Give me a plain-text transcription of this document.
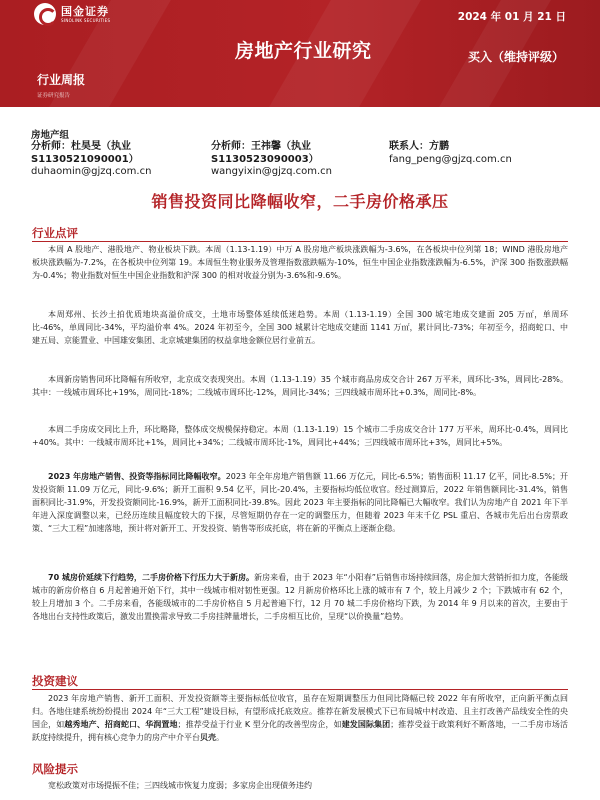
国金证券
SINOLINK SECURITIES	2024 年 01 月 21 日
房地产行业研究	买入（维持评级）
行业周报
证券研究报告
房地产组
分析师：杜昊旻（执业
S1130521090001）
duhaomin@gjzq.com.cn
分析师：王祎馨（执业
S1130523090003）
wangyixin@gjzq.com.cn
联系人：方鹏
fang_peng@gjzq.com.cn
销售投资同比降幅收窄，二手房价格承压
行业点评
本周 A 股地产、港股地产、物业板块下跌。本周（1.13-1.19）中万 A 股房地产板块涨跌幅为-3.6%，在各板块中位列第 18；WIND 港股房地产板块涨跌幅为-7.2%，在各板块中位列第 19。本周恒生物业服务及管理指数涨跌幅为-10%，恒生中国企业指数涨跌幅为-6.5%，沪深 300 指数涨跌幅为-0.4%；物业指数对恒生中国企业指数和沪深 300 的相对收益分别为-3.6%和-9.6%。
本周郑州、长沙土拍优质地块高溢价成交，土地市场整体延续低迷趋势。本周（1.13-1.19）全国 300 城宅地成交建面 205 万㎡，单周环比-46%，单周同比-34%，平均溢价率 4%。2024 年初至今，全国 300 城累计宅地成交建面 1141 万㎡，累计同比-73%；年初至今，招商蛇口、中建五局、京能置业、中国雄安集团、北京城建集团的权益拿地金额位居行业前五。
本周新房销售同环比降幅有所收窄，北京成交表现突出。本周（1.13-1.19）35 个城市商品房成交合计 267 万平米，周环比-3%，周同比-28%。其中：一线城市周环比+19%，周同比-18%；二线城市周环比-12%，周同比-34%；三四线城市周环比+0.3%，周同比-8%。
本周二手房成交同比上升，环比略降，整体成交规模保持稳定。本周（1.13-1.19）15 个城市二手房成交合计 177 万平米，周环比-0.4%，周同比+40%。其中：一线城市周环比+1%，周同比+34%；二线城市周环比-1%，周同比+44%；三四线城市周环比+3%，周同比+5%。
2023 年房地产销售、投资等指标同比降幅收窄。2023 年全年房地产销售额 11.66 万亿元，同比-6.5%；销售面积 11.17 亿平，同比-8.5%；开发投资额 11.09 万亿元，同比-9.6%；新开工面积 9.54 亿平，同比-20.4%，主要指标均低位收官。经过测算后，2022 年销售额同比-31.4%，销售面积同比-31.9%，开发投资额同比-16.9%，新开工面积同比-39.8%。因此 2023 年主要指标的同比降幅已大幅收窄。我们认为房地产自 2021 年下半年进入深度调整以来，已经历连续且幅度较大的下探，尽管短期仍存在一定的调整压力，但随着 2023 年末千亿 PSL 重启、各城市先后出台房票政策、“三大工程”加速落地，预计将对新开工、开发投资、销售等形成托底，将在新的平衡点上逐渐企稳。
70 城房价延续下行趋势，二手房价格下行压力大于新房。新房来看，由于 2023 年“小阳春”后销售市场持续回落，房企加大营销折扣力度，各能级城市的新房价格自 6 月起普遍开始下行，其中一线城市相对韧性更强。12 月新房价格环比上涨的城市有 7 个，较上月减少 2 个；下跌城市有 62 个，较上月增加 3 个。二手房来看，各能级城市的二手房价格自 5 月起普遍下行，12 月 70 城二手房价格均下跌，为 2014 年 9 月以来的首次，主要由于各地出台支持性政策后，激发出置换需求导致二手房挂牌量增长，二手房相互比价，呈现“以价换量”趋势。
投资建议
2023 年房地产销售、新开工面积、开发投资额等主要指标低位收官，虽存在短期调整压力但同比降幅已较 2022 年有所收窄，正向新平衡点回归。各地住建系统纷纷提出 2024 年“三大工程”建设目标，有望形成托底效应。推荐在新发展模式下已布局城中村改造、且主打改善产品线安全性的央国企，如越秀地产、招商蛇口、华润置地；推荐受益于行业 K 型分化的改善型房企，如建发国际集团；推荐受益于政策利好不断落地，一二手房市场活跃度持续提升，拥有核心竞争力的房产中介平台贝壳。
风险提示
宽松政策对市场提振不佳；三四线城市恢复力度弱；多家房企出现债务违约
